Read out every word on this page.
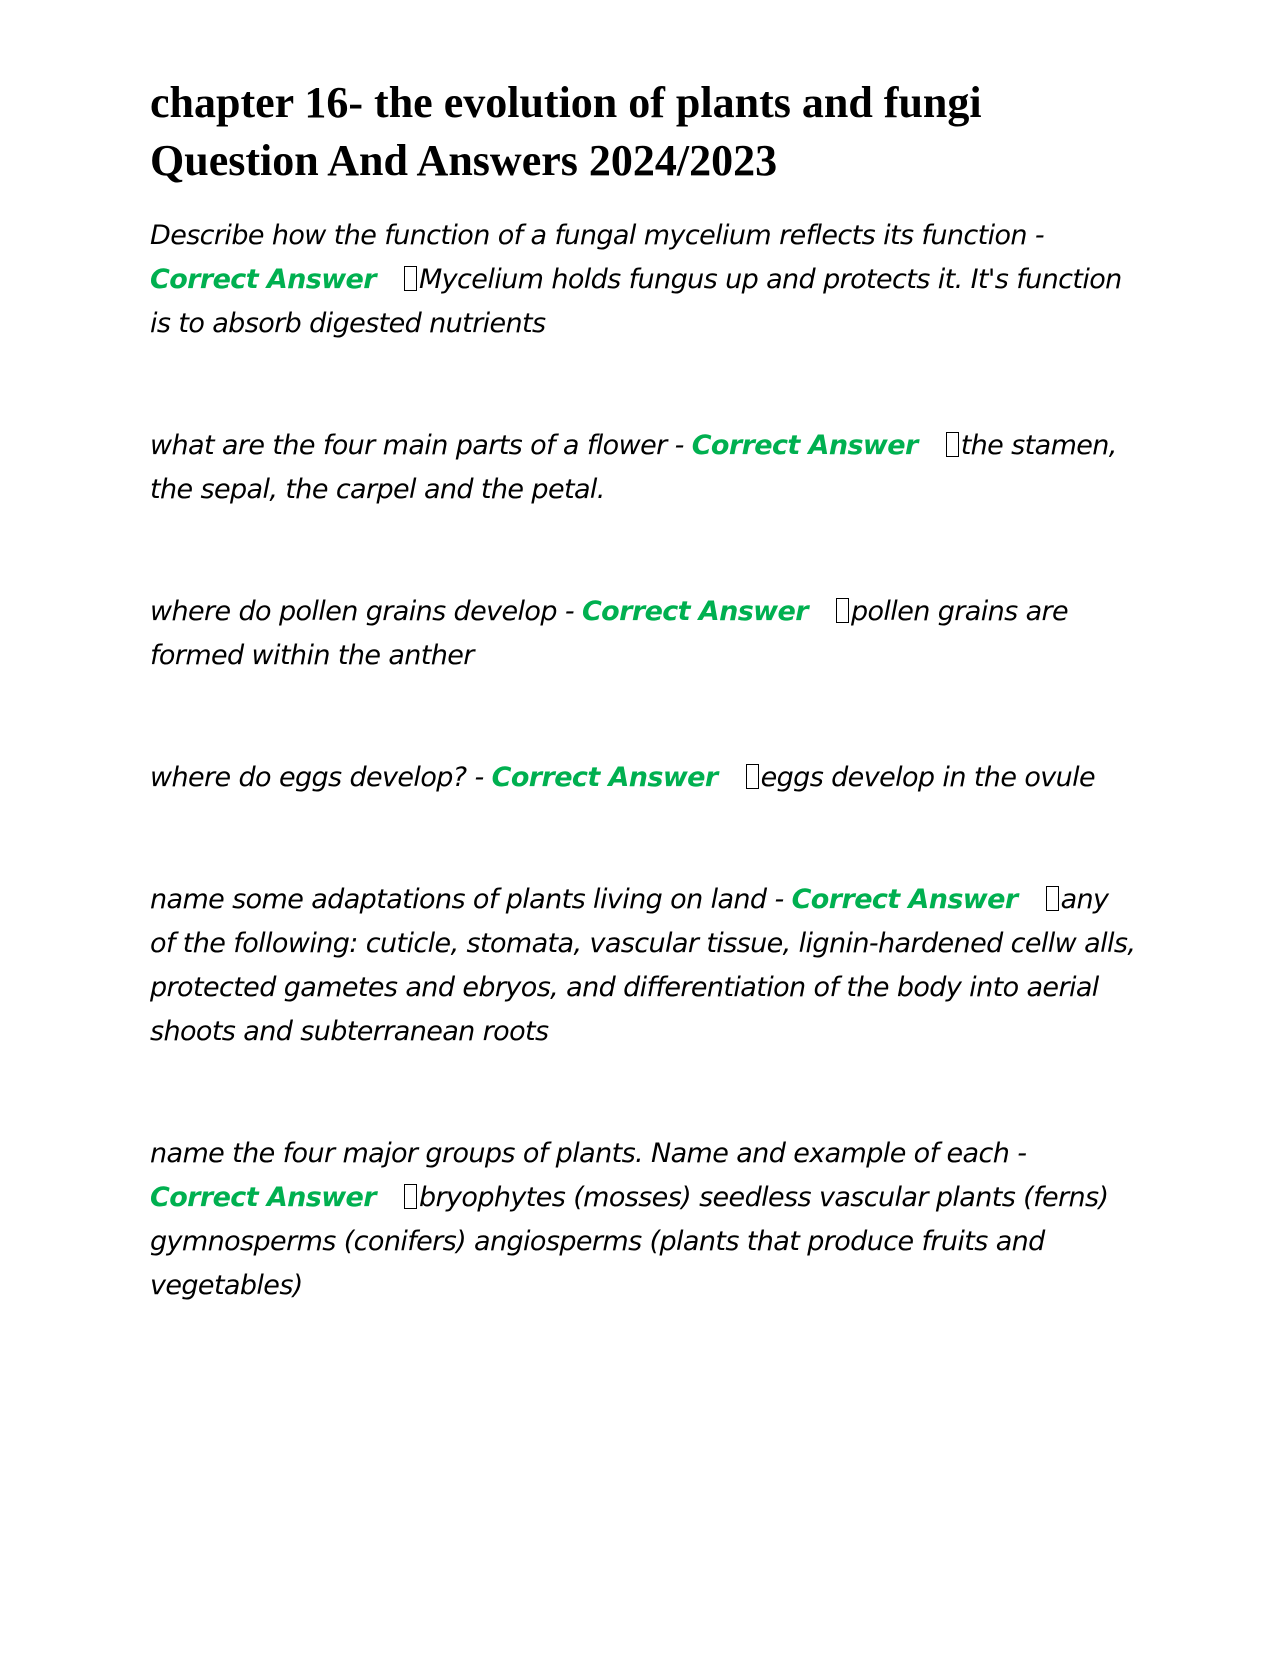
chapter 16- the evolution of plants and fungi
Question And Answers 2024/2023

Describe how the function of a fungal mycelium reflects its function -
Correct Answer Mycelium holds fungus up and protects it. It's function is to absorb digested nutrients

what are the four main parts of a flower - Correct Answer the stamen, the sepal, the carpel and the petal.

where do pollen grains develop - Correct Answer pollen grains are formed within the anther

where do eggs develop? - Correct Answer eggs develop in the ovule

name some adaptations of plants living on land - Correct Answer any of the following: cuticle, stomata, vascular tissue, lignin-hardened cellw alls, protected gametes and ebryos, and differentiation of the body into aerial shoots and subterranean roots

name the four major groups of plants. Name and example of each -
Correct Answer bryophytes (mosses) seedless vascular plants (ferns) gymnosperms (conifers) angiosperms (plants that produce fruits and vegetables)
